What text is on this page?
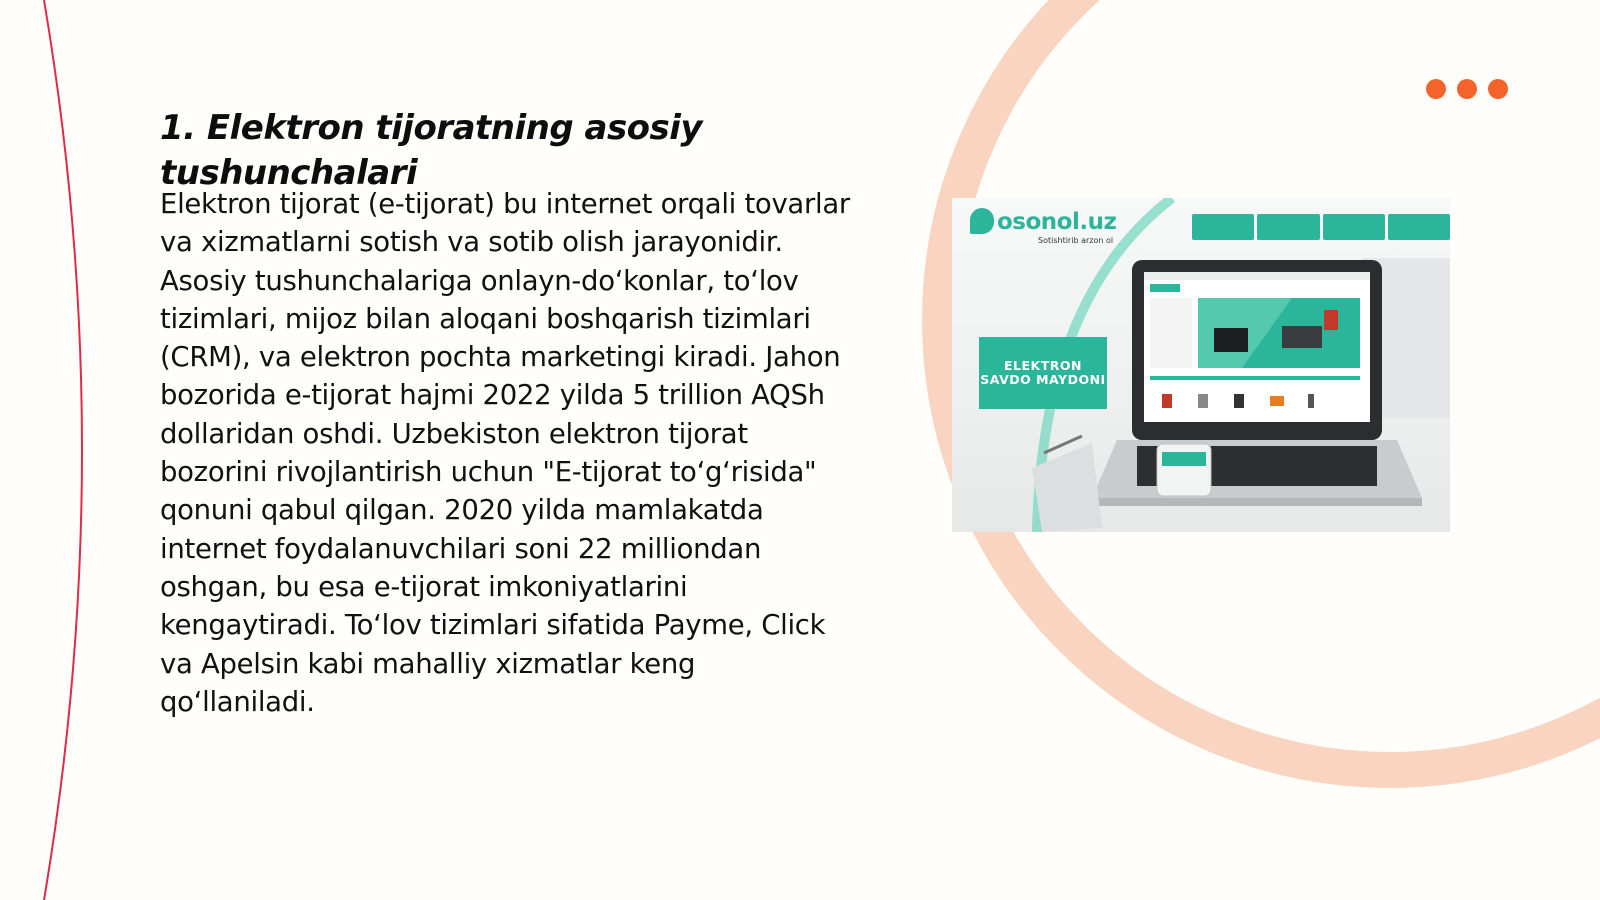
1. Elektron tijoratning asosiy tushunchalari

Elektron tijorat (e-tijorat) bu internet orqali tovarlar va xizmatlarni sotish va sotib olish jarayonidir. Asosiy tushunchalariga onlayn-do‘konlar, to‘lov tizimlari, mijoz bilan aloqani boshqarish tizimlari (CRM), va elektron pochta marketingi kiradi. Jahon bozorida e-tijorat hajmi 2022 yilda 5 trillion AQSh dollaridan oshdi. Uzbekiston elektron tijorat bozorini rivojlantirish uchun "E-tijorat to‘g‘risida" qonuni qabul qilgan. 2020 yilda mamlakatda internet foydalanuvchilari soni 22 milliondan oshgan, bu esa e-tijorat imkoniyatlarini kengaytiradi. To‘lov tizimlari sifatida Payme, Click va Apelsin kabi mahalliy xizmatlar keng qo‘llaniladi.

osonol.uz
Sotishtirib arzon ol
ELEKTRON SAVDO MAYDONI
